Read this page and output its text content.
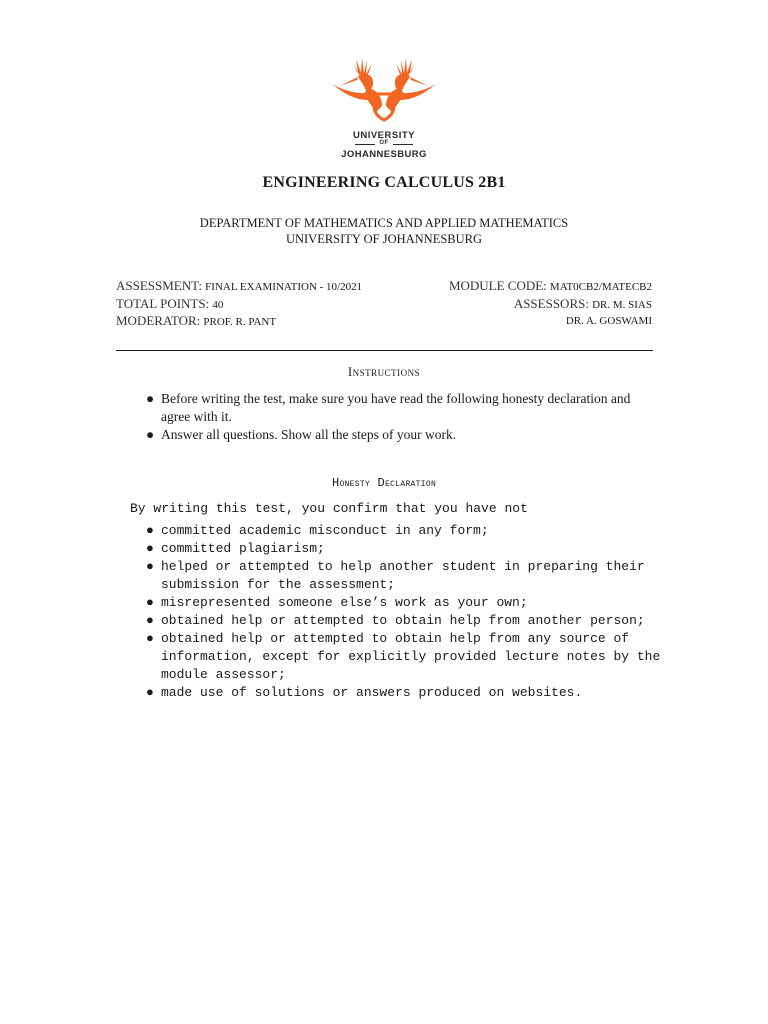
UNIVERSITY
OF
JOHANNESBURG
ENGINEERING CALCULUS 2B1
DEPARTMENT OF MATHEMATICS AND APPLIED MATHEMATICS
UNIVERSITY OF JOHANNESBURG
ASSESSMENT: FINAL EXAMINATION - 10/2021
TOTAL POINTS: 40
MODERATOR: PROF. R. PANT
MODULE CODE: MAT0CB2/MATECB2
ASSESSORS: DR. M. SIAS
DR. A. GOSWAMI
Instructions
● Before writing the test, make sure you have read the following honesty declaration and agree with it.
● Answer all questions. Show all the steps of your work.
Honesty Declaration
By writing this test, you confirm that you have not
● committed academic misconduct in any form;
● committed plagiarism;
● helped or attempted to help another student in preparing their submission for the assessment;
● misrepresented someone else’s work as your own;
● obtained help or attempted to obtain help from another person;
● obtained help or attempted to obtain help from any source of information, except for explicitly provided lecture notes by the module assessor;
● made use of solutions or answers produced on websites.
